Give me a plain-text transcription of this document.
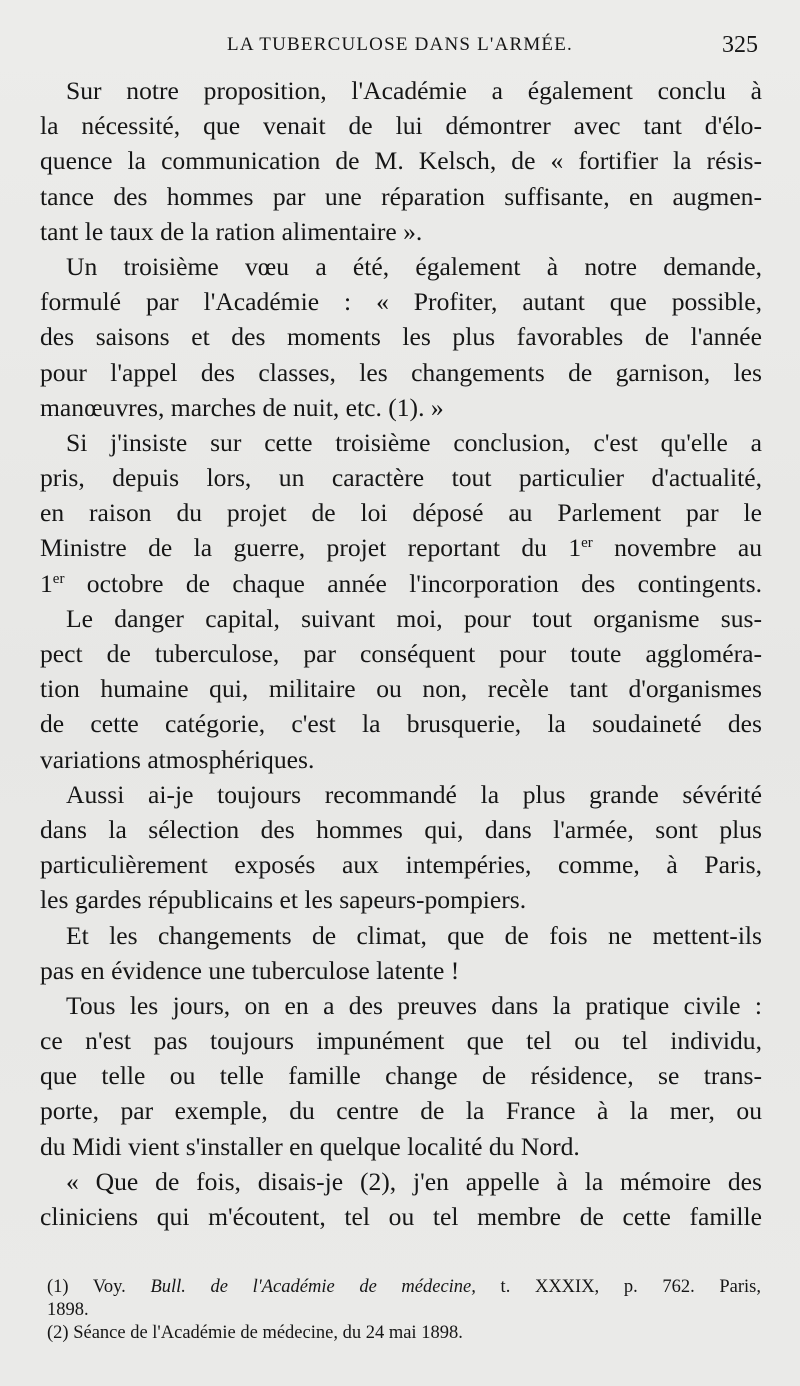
LA TUBERCULOSE DANS L'ARMÉE.	325
Sur notre proposition, l'Académie a également conclu à
la nécessité, que venait de lui démontrer avec tant d'élo-
quence la communication de M. Kelsch, de « fortifier la résis-
tance des hommes par une réparation suffisante, en augmen-
tant le taux de la ration alimentaire ».
Un troisième vœu a été, également à notre demande,
formulé par l'Académie : « Profiter, autant que possible,
des saisons et des moments les plus favorables de l'année
pour l'appel des classes, les changements de garnison, les
manœuvres, marches de nuit, etc. (1). »
Si j'insiste sur cette troisième conclusion, c'est qu'elle a
pris, depuis lors, un caractère tout particulier d'actualité,
en raison du projet de loi déposé au Parlement par le
Ministre de la guerre, projet reportant du 1er novembre au
1er octobre de chaque année l'incorporation des contingents.
Le danger capital, suivant moi, pour tout organisme sus-
pect de tuberculose, par conséquent pour toute aggloméra-
tion humaine qui, militaire ou non, recèle tant d'organismes
de cette catégorie, c'est la brusquerie, la soudaineté des
variations atmosphériques.
Aussi ai-je toujours recommandé la plus grande sévérité
dans la sélection des hommes qui, dans l'armée, sont plus
particulièrement exposés aux intempéries, comme, à Paris,
les gardes républicains et les sapeurs-pompiers.
Et les changements de climat, que de fois ne mettent-ils
pas en évidence une tuberculose latente !
Tous les jours, on en a des preuves dans la pratique civile :
ce n'est pas toujours impunément que tel ou tel individu,
que telle ou telle famille change de résidence, se trans-
porte, par exemple, du centre de la France à la mer, ou
du Midi vient s'installer en quelque localité du Nord.
« Que de fois, disais-je (2), j'en appelle à la mémoire des
cliniciens qui m'écoutent, tel ou tel membre de cette famille
(1) Voy. Bull. de l'Académie de médecine, t. XXXIX, p. 762. Paris,
1898.
(2) Séance de l'Académie de médecine, du 24 mai 1898.
